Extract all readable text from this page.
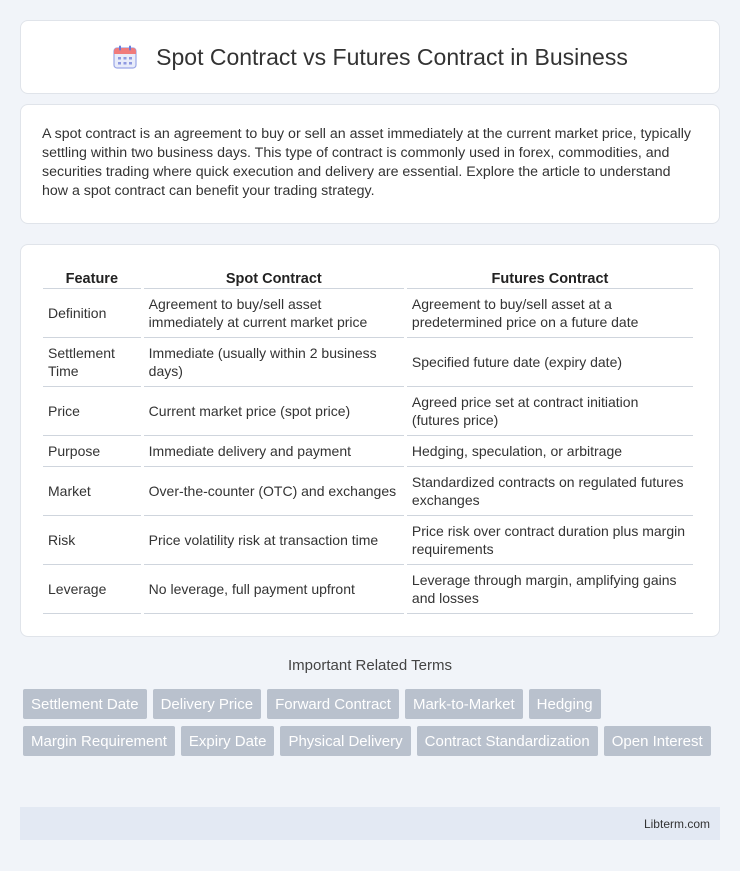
Spot Contract vs Futures Contract in Business

A spot contract is an agreement to buy or sell an asset immediately at the current market price, typically settling within two business days. This type of contract is commonly used in forex, commodities, and securities trading where quick execution and delivery are essential. Explore the article to understand how a spot contract can benefit your trading strategy.

Feature	Spot Contract	Futures Contract
Definition	Agreement to buy/sell asset immediately at current market price	Agreement to buy/sell asset at a predetermined price on a future date
Settlement Time	Immediate (usually within 2 business days)	Specified future date (expiry date)
Price	Current market price (spot price)	Agreed price set at contract initiation (futures price)
Purpose	Immediate delivery and payment	Hedging, speculation, or arbitrage
Market	Over-the-counter (OTC) and exchanges	Standardized contracts on regulated futures exchanges
Risk	Price volatility risk at transaction time	Price risk over contract duration plus margin requirements
Leverage	No leverage, full payment upfront	Leverage through margin, amplifying gains and losses
Important Related Terms
Settlement Date	Delivery Price	Forward Contract	Mark-to-Market	Hedging
Margin Requirement	Expiry Date	Physical Delivery	Contract Standardization	Open Interest
Libterm.com
